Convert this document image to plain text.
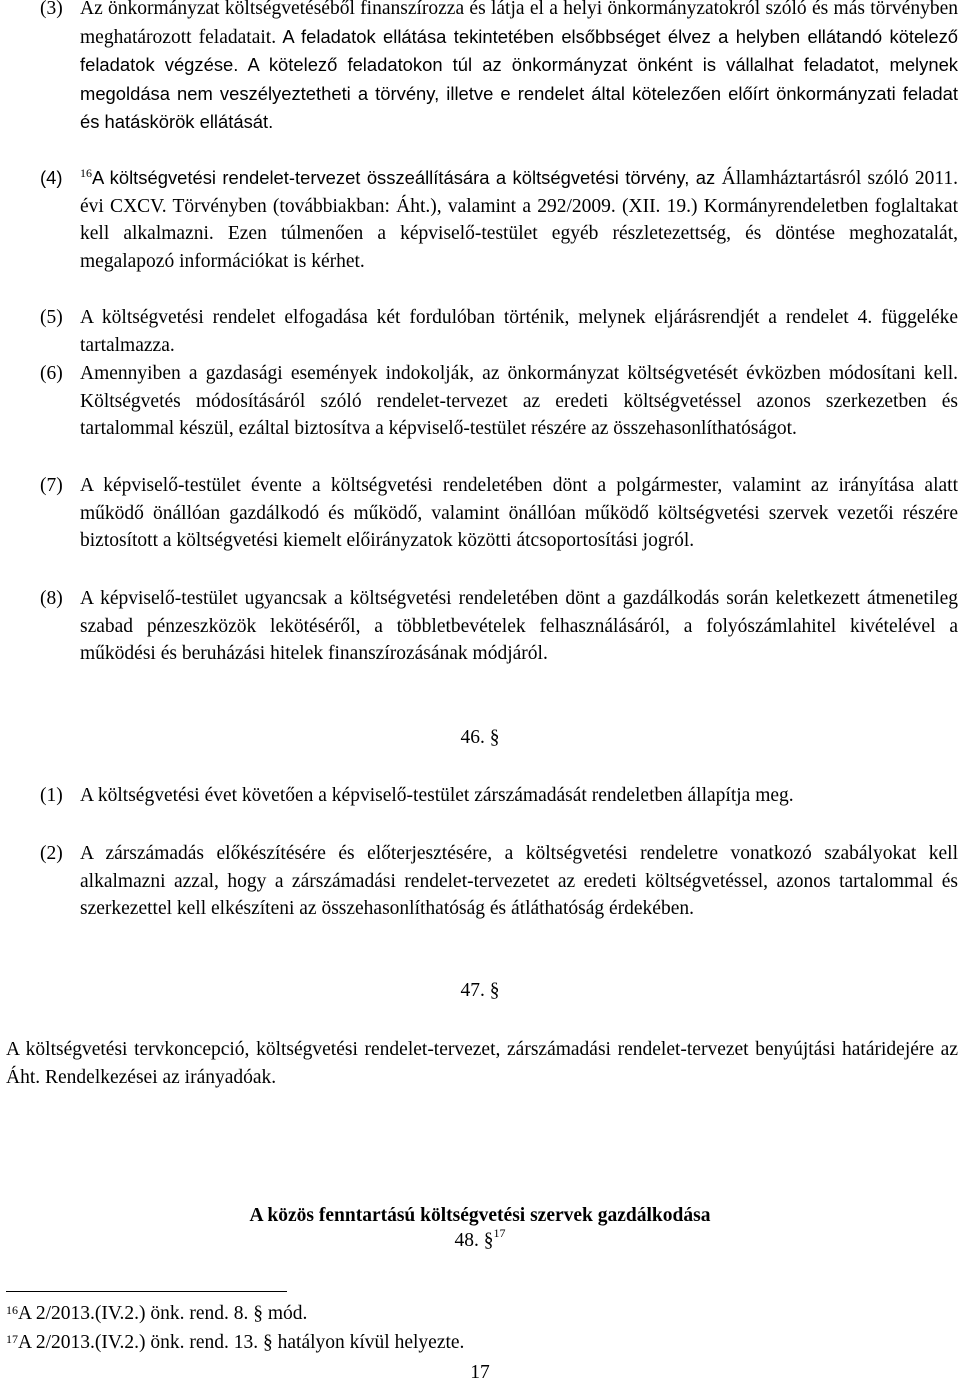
(3) Az önkormányzat költségvetéséből finanszírozza és látja el a helyi önkormányzatokról szóló és más törvényben meghatározott feladatait. A feladatok ellátása tekintetében elsőbbséget élvez a helyben ellátandó kötelező feladatok végzése. A kötelező feladatokon túl az önkormányzat önként is vállalhat feladatot, melynek megoldása nem veszélyeztetheti a törvény, illetve e rendelet által kötelezően előírt önkormányzati feladat és hatáskörök ellátását.
(4) $^{16}$A költségvetési rendelet-tervezet összeállítására a költségvetési törvény, az Államháztartásról szóló 2011. évi CXCV. Törvényben (továbbiakban: Áht.), valamint a 292/2009. (XII. 19.) Kormányrendeletben foglaltakat kell alkalmazni. Ezen túlmenően a képviselő-testület egyéb részletezettség, és döntése meghozatalát, megalapozó információkat is kérhet.
(5) A költségvetési rendelet elfogadása két fordulóban történik, melynek eljárásrendjét a rendelet 4. függeléke tartalmazza.
(6) Amennyiben a gazdasági események indokolják, az önkormányzat költségvetését évközben módosítani kell. Költségvetés módosításáról szóló rendelet-tervezet az eredeti költségvetéssel azonos szerkezetben és tartalommal készül, ezáltal biztosítva a képviselő-testület részére az összehasonlíthatóságot.
(7) A képviselő-testület évente a költségvetési rendeletében dönt a polgármester, valamint az irányítása alatt működő önállóan gazdálkodó és működő, valamint önállóan működő költségvetési szervek vezetői részére biztosított a költségvetési kiemelt előirányzatok közötti átcsoportosítási jogról.
(8) A képviselő-testület ugyancsak a költségvetési rendeletében dönt a gazdálkodás során keletkezett átmenetileg szabad pénzeszközök lekötéséről, a többletbevételek felhasználásáról, a folyószámlahitel kivételével a működési és beruházási hitelek finanszírozásának módjáról.
46. §
(1) A költségvetési évet követően a képviselő-testület zárszámadását rendeletben állapítja meg.
(2) A zárszámadás előkészítésére és előterjesztésére, a költségvetési rendeletre vonatkozó szabályokat kell alkalmazni azzal, hogy a zárszámadási rendelet-tervezetet az eredeti költségvetéssel, azonos tartalommal és szerkezettel kell elkészíteni az összehasonlíthatóság és átláthatóság érdekében.
47. §
A költségvetési tervkoncepció, költségvetési rendelet-tervezet, zárszámadási rendelet-tervezet benyújtási határidejére az Áht. Rendelkezései az irányadóak.
A közös fenntartású költségvetési szervek gazdálkodása
48. §$^{17}$
$^{16}$A 2/2013.(IV.2.) önk. rend. 8. § mód.
$^{17}$A 2/2013.(IV.2.) önk. rend. 13. § hatályon kívül helyezte.
17
